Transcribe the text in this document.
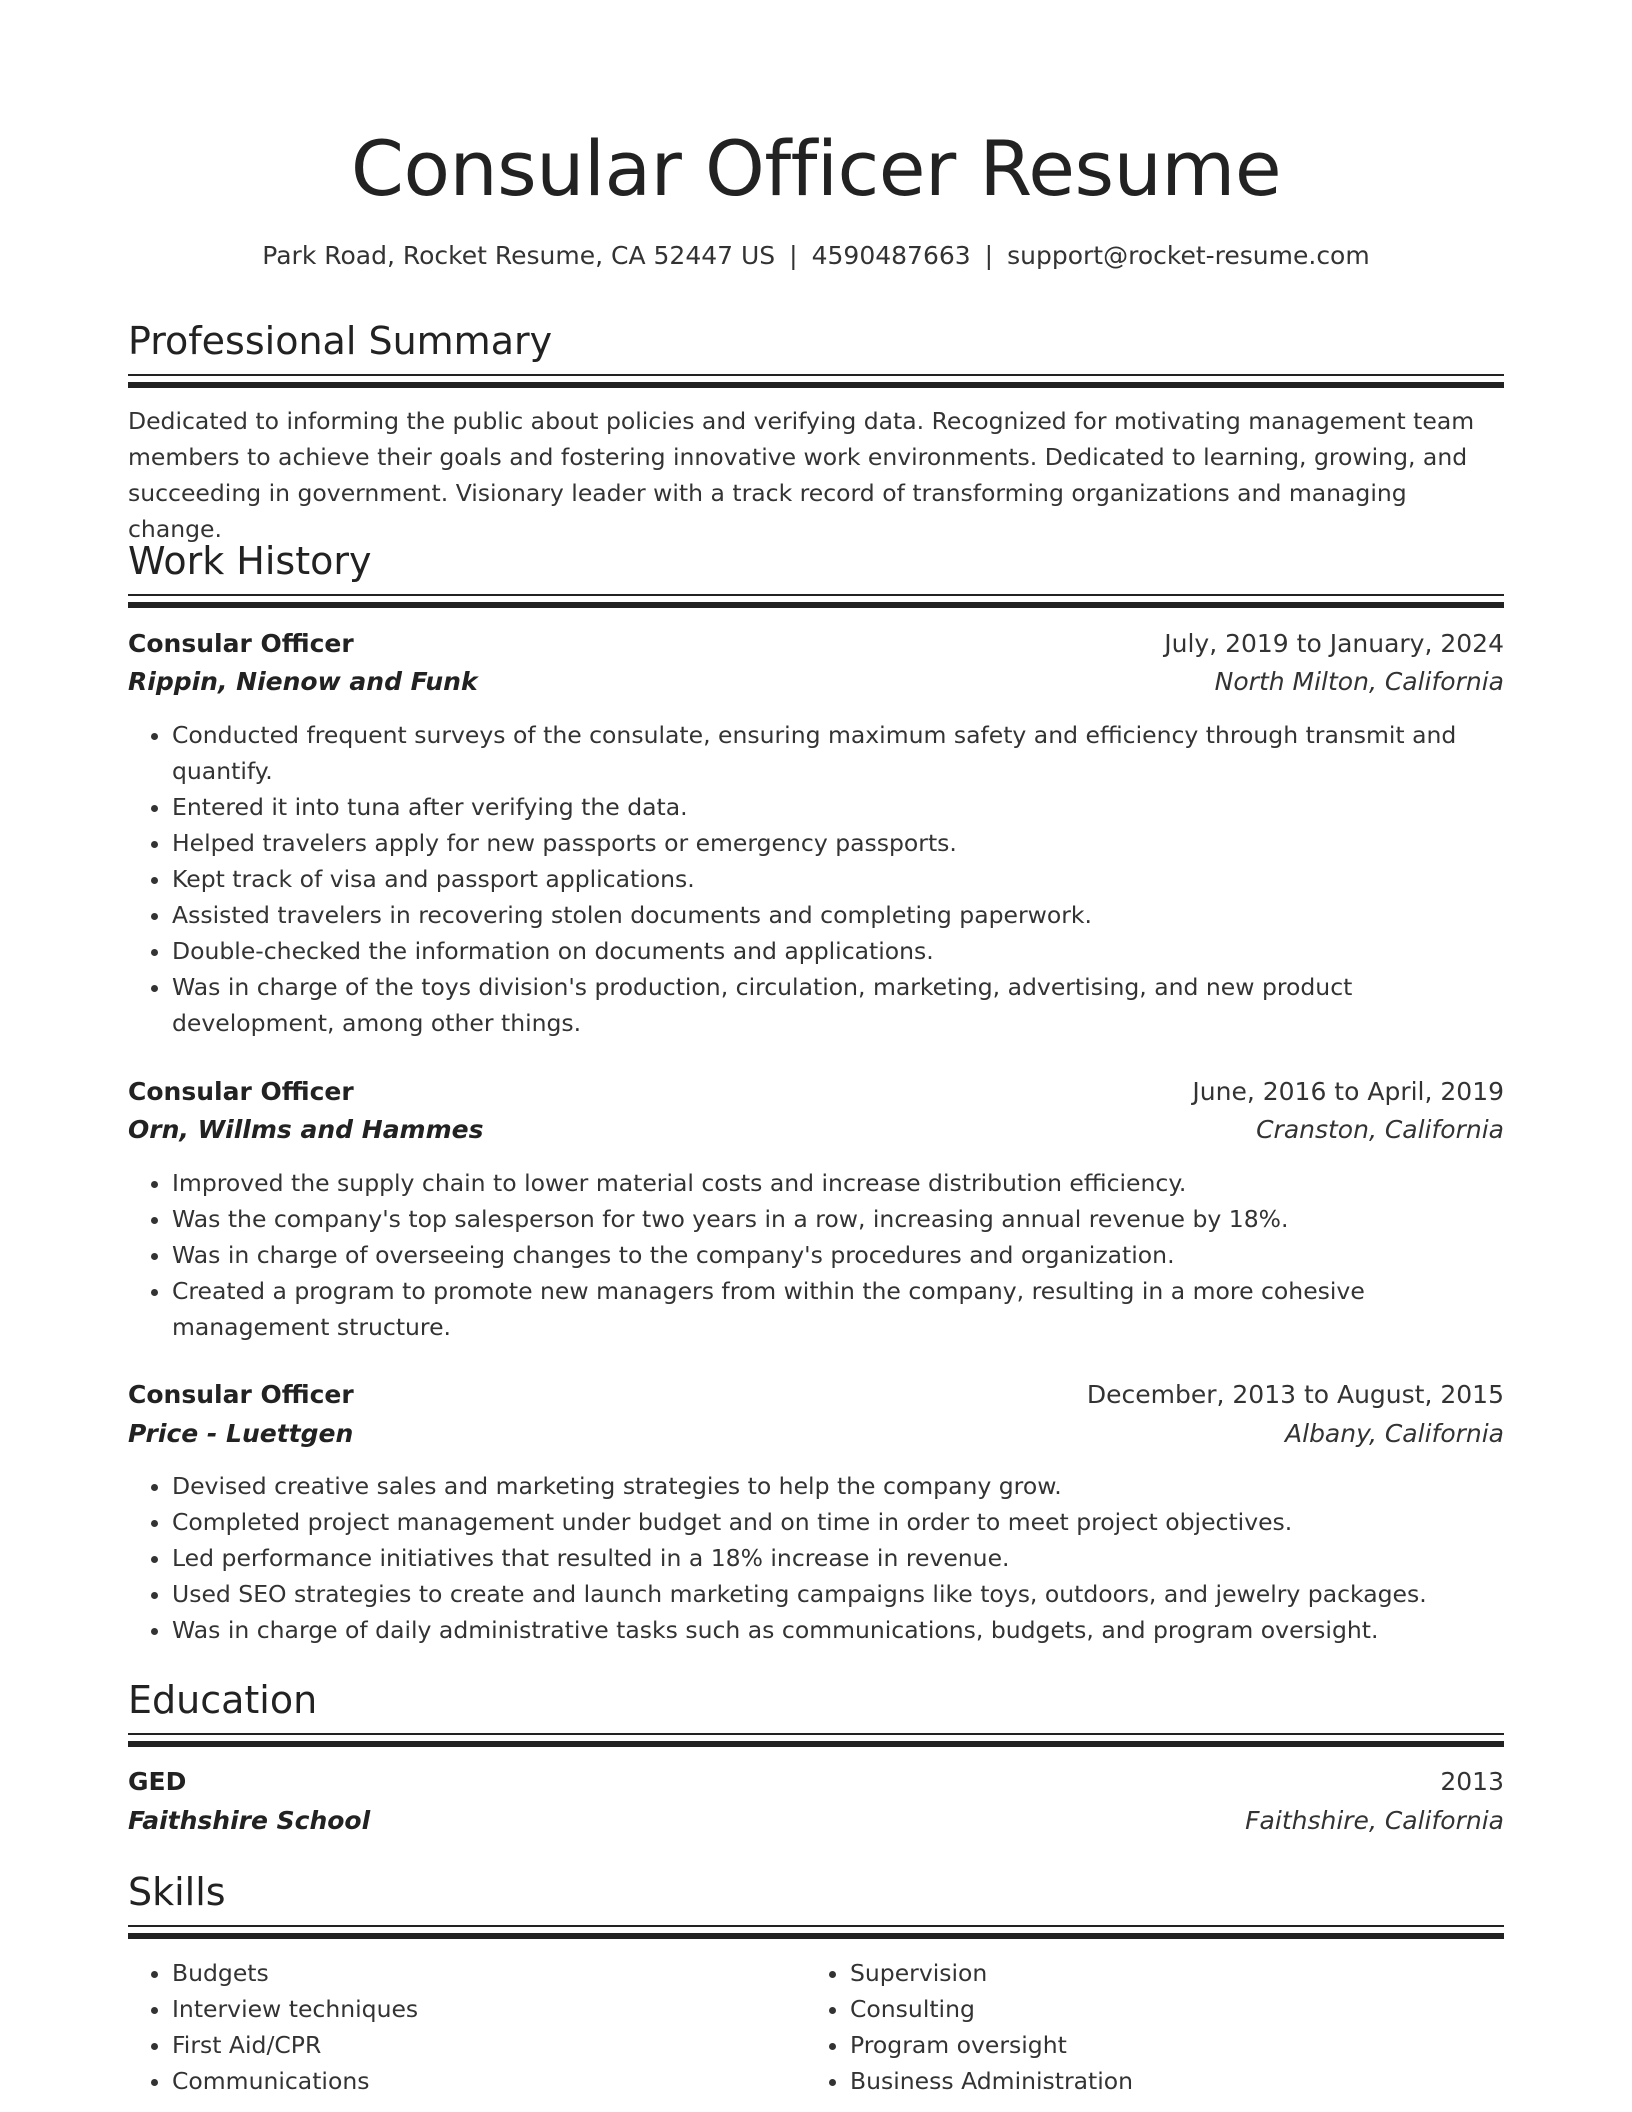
Consular Officer Resume
Park Road, Rocket Resume, CA 52447 US | 4590487663 | support@rocket-resume.com
Professional Summary

Dedicated to informing the public about policies and verifying data. Recognized for motivating management team members to achieve their goals and fostering innovative work environments. Dedicated to learning, growing, and succeeding in government. Visionary leader with a track record of transforming organizations and managing change.

Work History
Consular Officer	July, 2019 to January, 2024
Rippin, Nienow and Funk	North Milton, California
• Conducted frequent surveys of the consulate, ensuring maximum safety and efficiency through transmit and quantify.
• Entered it into tuna after verifying the data.
• Helped travelers apply for new passports or emergency passports.
• Kept track of visa and passport applications.
• Assisted travelers in recovering stolen documents and completing paperwork.
• Double-checked the information on documents and applications.
• Was in charge of the toys division's production, circulation, marketing, advertising, and new product development, among other things.
Consular Officer	June, 2016 to April, 2019
Orn, Willms and Hammes	Cranston, California
• Improved the supply chain to lower material costs and increase distribution efficiency.
• Was the company's top salesperson for two years in a row, increasing annual revenue by 18%.
• Was in charge of overseeing changes to the company's procedures and organization.
• Created a program to promote new managers from within the company, resulting in a more cohesive management structure.
Consular Officer	December, 2013 to August, 2015
Price - Luettgen	Albany, California
• Devised creative sales and marketing strategies to help the company grow.
• Completed project management under budget and on time in order to meet project objectives.
• Led performance initiatives that resulted in a 18% increase in revenue.
• Used SEO strategies to create and launch marketing campaigns like toys, outdoors, and jewelry packages.
• Was in charge of daily administrative tasks such as communications, budgets, and program oversight.
Education
GED	2013
Faithshire School	Faithshire, California
Skills
• Budgets
• Interview techniques
• First Aid/CPR
• Communications
• Supervision
• Consulting
• Program oversight
• Business Administration
